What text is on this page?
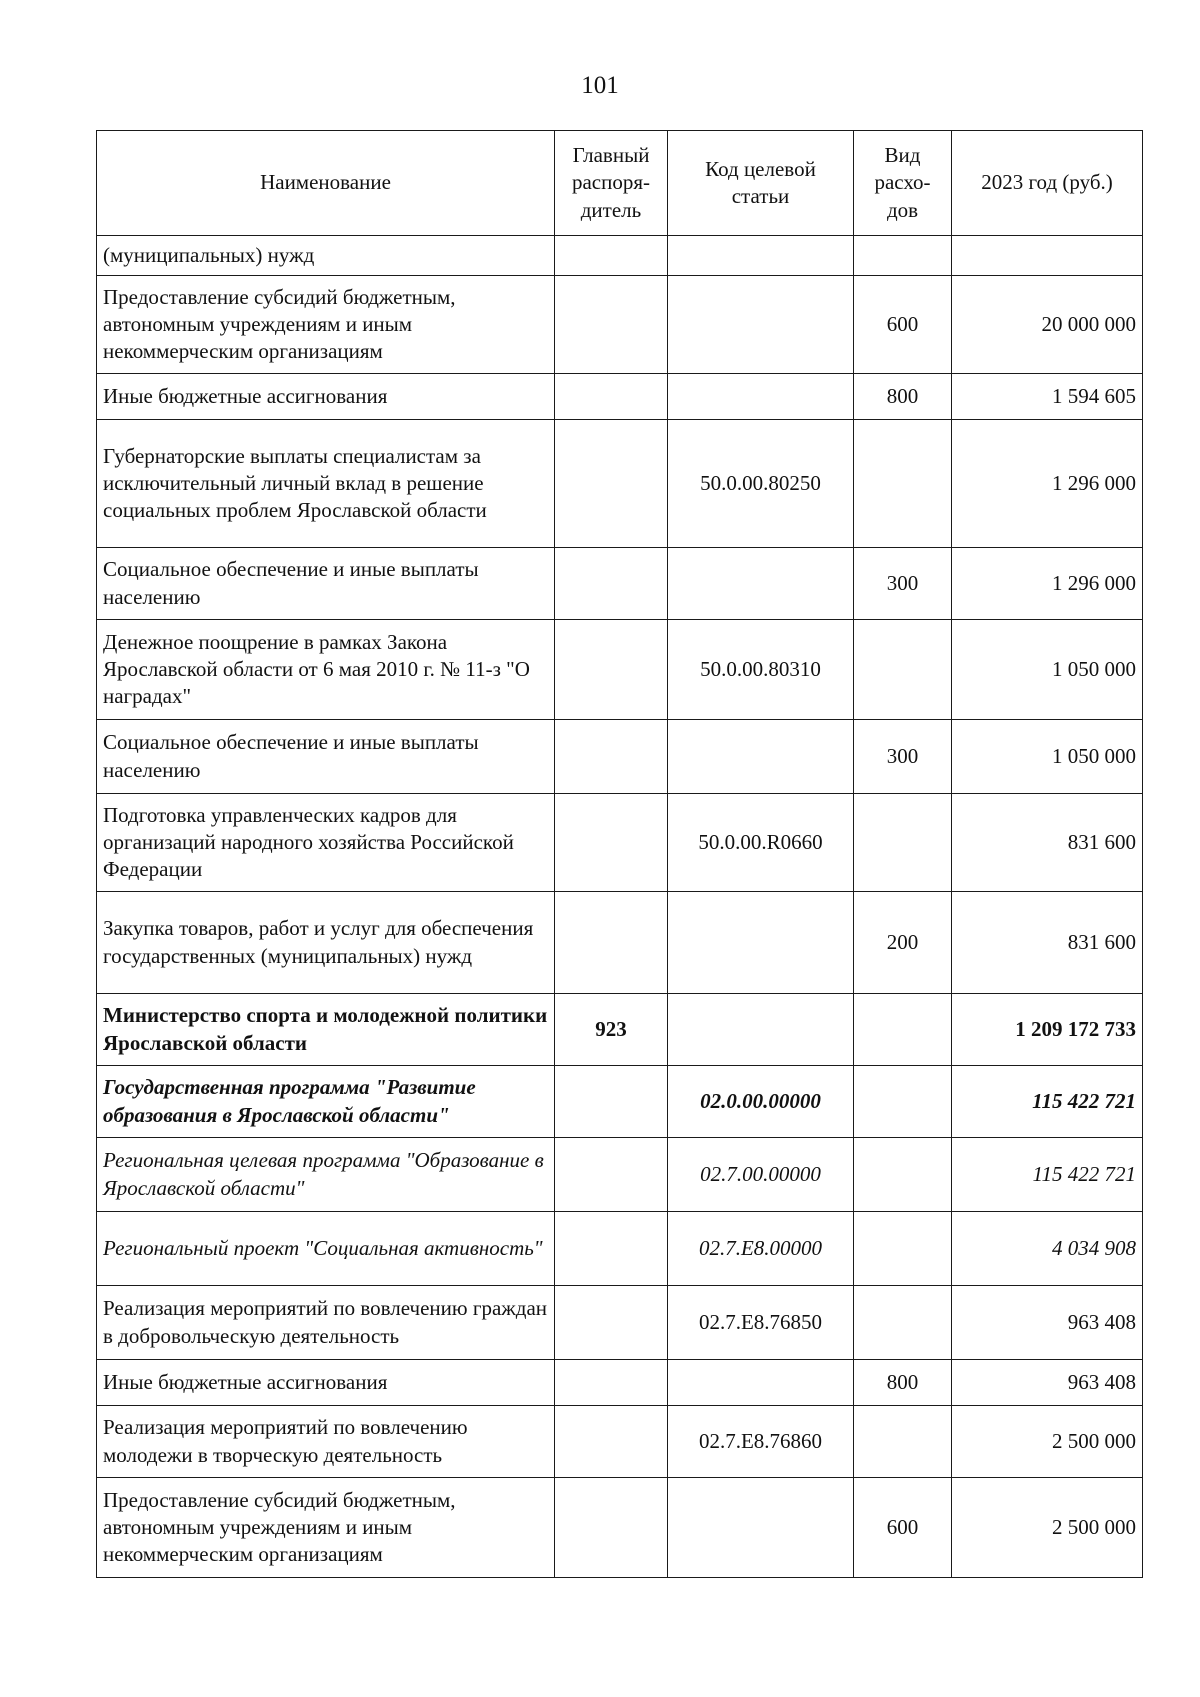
101
Наименование	Главный распоря-дитель	Код целевой статьи	Вид расхо-дов	2023 год (руб.)
(муниципальных) нужд				
Предоставление субсидий бюджетным, автономным учреждениям и иным некоммерческим организациям			600	20 000 000
Иные бюджетные ассигнования			800	1 594 605
Губернаторские выплаты специалистам за исключительный личный вклад в решение социальных проблем Ярославской области		50.0.00.80250		1 296 000
Социальное обеспечение и иные выплаты населению			300	1 296 000
Денежное поощрение в рамках Закона Ярославской области от 6 мая 2010 г. № 11-з "О наградах"		50.0.00.80310		1 050 000
Социальное обеспечение и иные выплаты населению			300	1 050 000
Подготовка управленческих кадров для организаций народного хозяйства Российской Федерации		50.0.00.R0660		831 600
Закупка товаров, работ и услуг для обеспечения государственных (муниципальных) нужд			200	831 600
Министерство спорта и молодежной политики Ярославской области	923			1 209 172 733
Государственная программа "Развитие образования в Ярославской области"		02.0.00.00000		115 422 721
Региональная целевая программа "Образование в Ярославской области"		02.7.00.00000		115 422 721
Региональный проект "Социальная активность"		02.7.E8.00000		4 034 908
Реализация мероприятий по вовлечению граждан в добровольческую деятельность		02.7.E8.76850		963 408
Иные бюджетные ассигнования			800	963 408
Реализация мероприятий по вовлечению молодежи в творческую деятельность		02.7.E8.76860		2 500 000
Предоставление субсидий бюджетным, автономным учреждениям и иным некоммерческим организациям			600	2 500 000
